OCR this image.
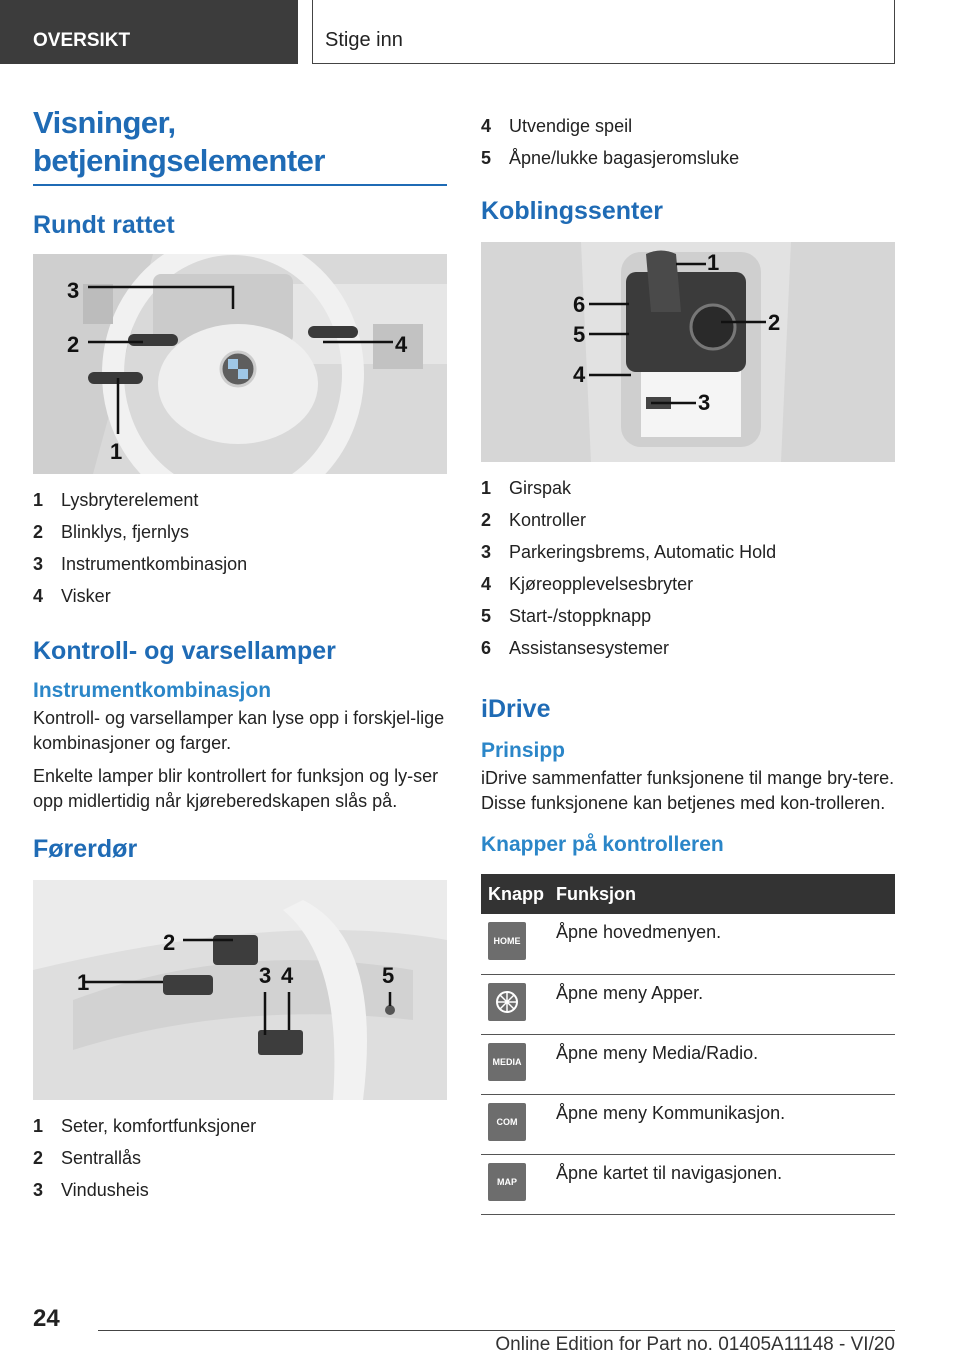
OVERSIKT	Stige inn
Visninger, betjeningselementer
Rundt rattet
1
2
3
4
1 Lysbryterelement
2 Blinklys, fjernlys
3 Instrumentkombinasjon
4 Visker
Kontroll- og varsellamper
Instrumentkombinasjon

Kontroll- og varsellamper kan lyse opp i forskjel-lige kombinasjoner og farger.

Enkelte lamper blir kontrollert for funksjon og ly-ser opp midlertidig når kjøreberedskapen slås på.

Førerdør
1
2
3 4	5
1 Seter, komfortfunksjoner
2 Sentrallås
3 Vindusheis
4 Utvendige speil
5 Åpne/lukke bagasjeromsluke
Koblingssenter
1
2
3
4
5
6
1 Girspak
2 Kontroller
3 Parkeringsbrems, Automatic Hold
4 Kjøreopplevelsesbryter
5 Start-/stoppknapp
6 Assistansesystemer
iDrive
Prinsipp

iDrive sammenfatter funksjonene til mange bry-tere. Disse funksjonene kan betjenes med kon-trolleren.

Knapper på kontrolleren
Knapp	Funksjon

HOME	Åpne hovedmenyen.

	Åpne meny Apper.

MEDIA	Åpne meny Media/Radio.

COM	Åpne meny Kommunikasjon.

MAP	Åpne kartet til navigasjonen.
24
Online Edition for Part no. 01405A11148 - VI/20
